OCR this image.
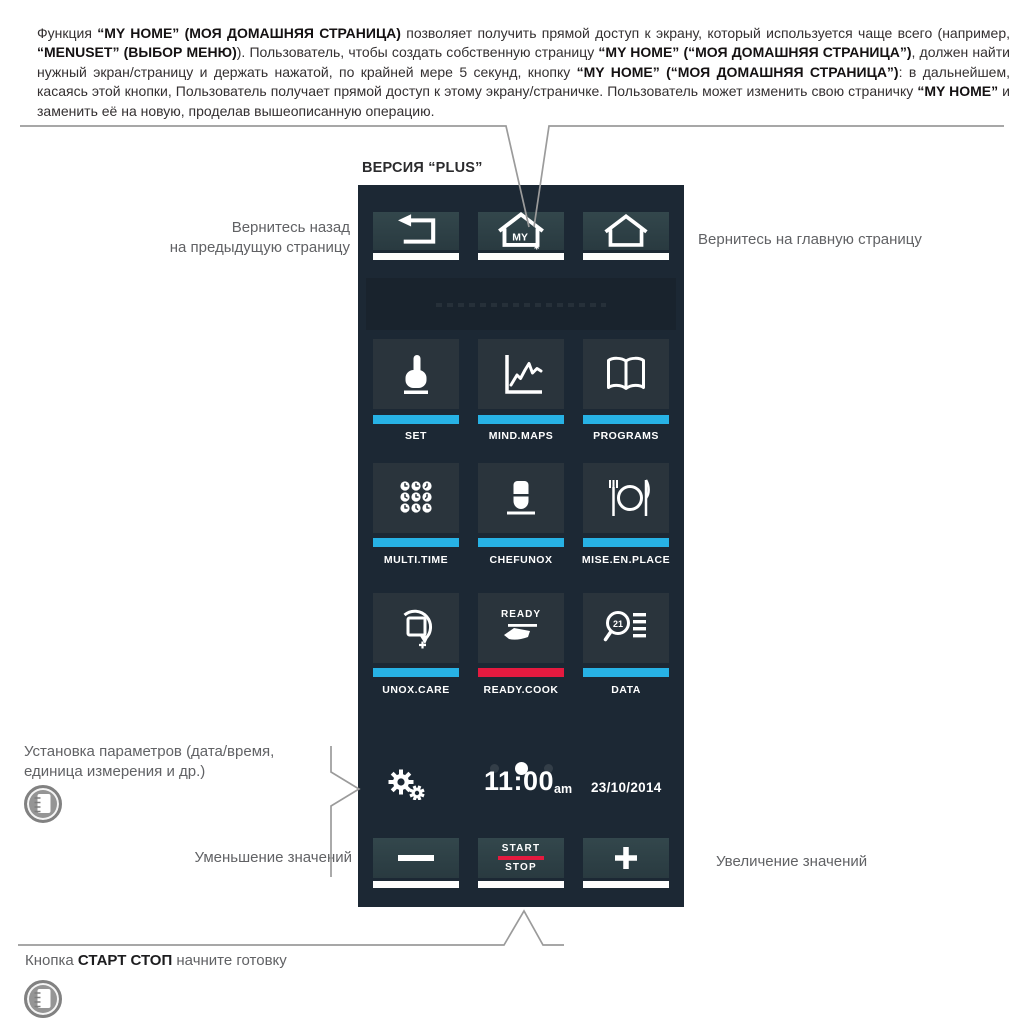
Функция “MY HOME” (МОЯ ДОМАШНЯЯ СТРАНИЦА) позволяет получить прямой доступ к экрану, который используется чаще всего (например, “MENUSET” (ВЫБОР МЕНЮ)). Пользователь, чтобы создать собственную страницу “MY HOME” (“МОЯ ДОМАШНЯЯ СТРАНИЦА”), должен найти нужный экран/страницу и держать нажатой, по крайней мере 5 секунд, кнопку “MY HOME” (“МОЯ ДОМАШНЯЯ СТРАНИЦА”): в дальнейшем, касаясь этой кнопки, Пользователь получает прямой доступ к этому экрану/страничке. Пользователь может изменить свою страничку “MY HOME” и заменить её на новую, проделав вышеописанную операцию.

ВЕРСИЯ “PLUS”
MY
✱
SET	MIND.MAPS	PROGRAMS
MULTI.TIME	CHEFUNOX	MISE.EN.PLACE
UNOX.CARE
READY
READY.COOK
21
DATA
11:00 am 23/10/2014
START
STOP
Вернитесь назад
на предыдущую страницу	Вернитесь на главную страницу
Установка параметров (дата/время,
единица измерения и др.)
Уменьшение значений	Увеличение значений
Кнопка СТАРТ СТОП начните готовку
